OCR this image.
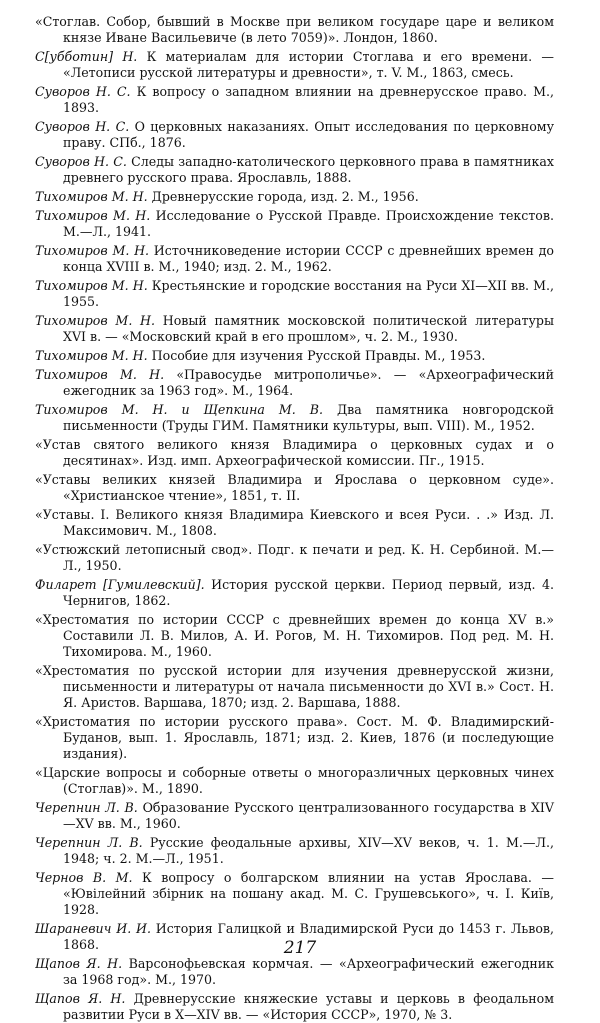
«Стоглав. Собор, бывший в Москве при великом государе царе и великом князе Иване Васильевиче (в лето 7059)». Лондон, 1860.
С[убботин] Н. К материалам для истории Стоглава и его времени. — «Летописи русской литературы и древности», т. V. М., 1863, смесь.
Суворов Н. С. К вопросу о западном влиянии на древнерусское право. М., 1893.
Суворов Н. С. О церковных наказаниях. Опыт исследования по церковному праву. СПб., 1876.
Суворов Н. С. Следы западно-католического церковного права в памятниках древнего русского права. Ярославль, 1888.
Тихомиров М. Н. Древнерусские города, изд. 2. М., 1956.
Тихомиров М. Н. Исследование о Русской Правде. Происхождение текстов. М.—Л., 1941.
Тихомиров М. Н. Источниковедение истории СССР с древнейших времен до конца XVIII в. М., 1940; изд. 2. М., 1962.
Тихомиров М. Н. Крестьянские и городские восстания на Руси XI—XII вв. М., 1955.
Тихомиров М. Н. Новый памятник московской политической литературы XVI в. — «Московский край в его прошлом», ч. 2. М., 1930.
Тихомиров М. Н. Пособие для изучения Русской Правды. М., 1953.
Тихомиров М. Н. «Правосудье митрополичье». — «Археографический ежегодник за 1963 год». М., 1964.
Тихомиров М. Н. и Щепкина М. В. Два памятника новгородской письменности (Труды ГИМ. Памятники культуры, вып. VIII). М., 1952.
«Устав святого великого князя Владимира о церковных судах и о десятинах». Изд. имп. Археографической комиссии. Пг., 1915.
«Уставы великих князей Владимира и Ярослава о церковном суде». «Христианское чтение», 1851, т. II.
«Уставы. I. Великого князя Владимира Киевского и всея Руси. . .» Изд. Л. Максимович. М., 1808.
«Устюжский летописный свод». Подг. к печати и ред. К. Н. Сербиной. М.—Л., 1950.
Филарет [Гумилевский]. История русской церкви. Период первый, изд. 4. Чернигов, 1862.
«Хрестоматия по истории СССР с древнейших времен до конца XV в.» Составили Л. В. Милов, А. И. Рогов, М. Н. Тихомиров. Под ред. М. Н. Тихомирова. М., 1960.
«Хрестоматия по русской истории для изучения древнерусской жизни, письменности и литературы от начала письменности до XVI в.» Сост. Н. Я. Аристов. Варшава, 1870; изд. 2. Варшава, 1888.
«Христоматия по истории русского права». Сост. М. Ф. Владимирский-Буданов, вып. 1. Ярославль, 1871; изд. 2. Киев, 1876 (и последующие издания).
«Царские вопросы и соборные ответы о многоразличных церковных чинех (Стоглав)». М., 1890.
Черепнин Л. В. Образование Русского централизованного государства в XIV—XV вв. М., 1960.
Черепнин Л. В. Русские феодальные архивы, XIV—XV веков, ч. 1. М.—Л., 1948; ч. 2. М.—Л., 1951.
Чернов В. М. К вопросу о болгарском влиянии на устав Ярослава. — «Ювілейний збірник на пошану акад. М. С. Грушевського», ч. I. Київ, 1928.
Шараневич И. И. История Галицкой и Владимирской Руси до 1453 г. Львов, 1868.
Щапов Я. Н. Варсонофьевская кормчая. — «Археографический ежегодник за 1968 год». М., 1970.
Щапов Я. Н. Древнерусские княжеские уставы и церковь в феодальном развитии Руси в X—XIV вв. — «История СССР», 1970, № 3.
217
